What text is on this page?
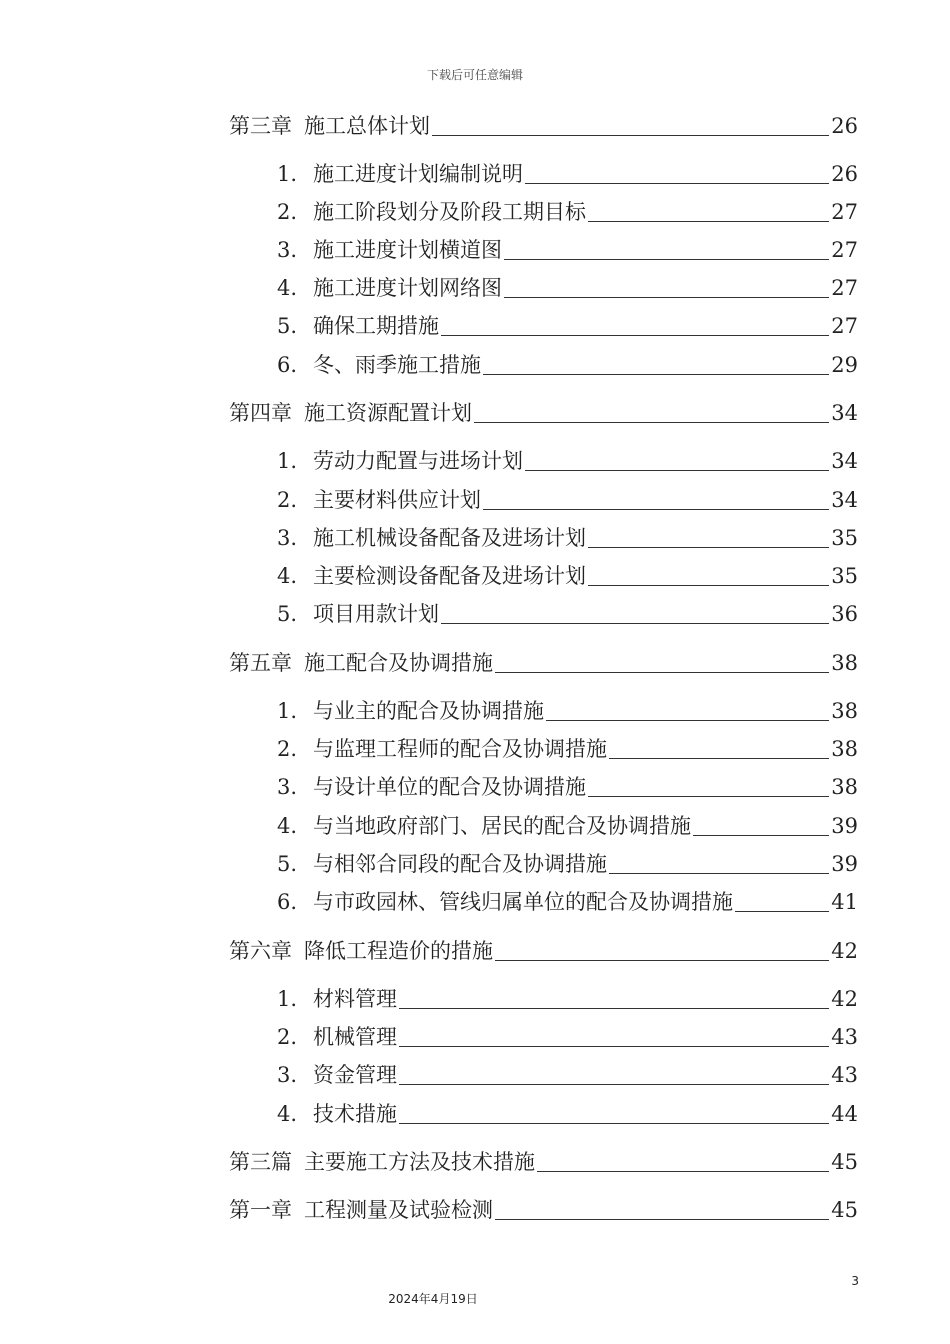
下载后可任意编辑
第三章 施工总体计划	26
1. 施工进度计划编制说明	26
2. 施工阶段划分及阶段工期目标	27
3. 施工进度计划横道图	27
4. 施工进度计划网络图	27
5. 确保工期措施	27
6. 冬、雨季施工措施	29
第四章 施工资源配置计划	34
1. 劳动力配置与进场计划	34
2. 主要材料供应计划	34
3. 施工机械设备配备及进场计划	35
4. 主要检测设备配备及进场计划	35
5. 项目用款计划	36
第五章 施工配合及协调措施	38
1. 与业主的配合及协调措施	38
2. 与监理工程师的配合及协调措施	38
3. 与设计单位的配合及协调措施	38
4. 与当地政府部门、居民的配合及协调措施	39
5. 与相邻合同段的配合及协调措施	39
6. 与市政园林、管线归属单位的配合及协调措施	41
第六章 降低工程造价的措施	42
1. 材料管理	42
2. 机械管理	43
3. 资金管理	43
4. 技术措施	44
第三篇 主要施工方法及技术措施	45
第一章 工程测量及试验检测	45
3
2024年4月19日
